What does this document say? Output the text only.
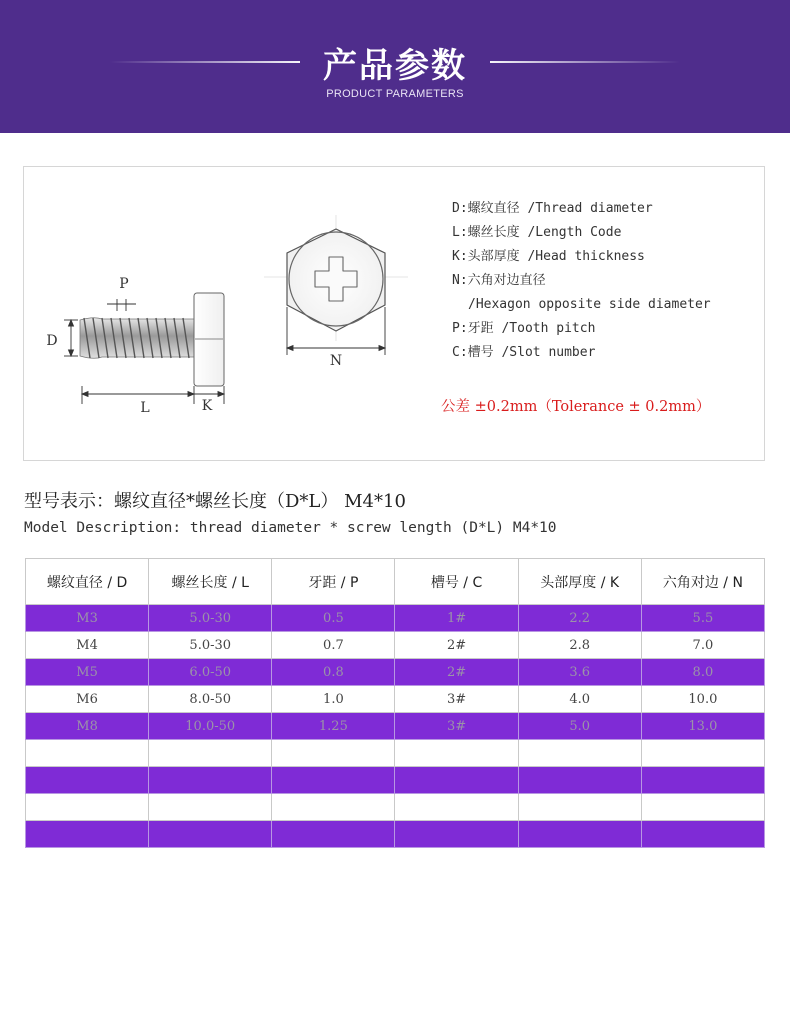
产品参数
PRODUCT PARAMETERS
P
D
L	K
N
D:螺纹直径 /Thread diameter
L:螺丝长度 /Length Code
K:头部厚度 /Head thickness
N:六角对边直径
/Hexagon opposite side diameter
P:牙距 /Tooth pitch
C:槽号 /Slot number
公差 ±0.2mm（Tolerance ± 0.2mm）
型号表示：螺纹直径*螺丝长度（D*L） M4*10
Model Description: thread diameter * screw length (D*L) M4*10
螺纹直径 / D	螺丝长度 / L	牙距 / P	槽号 / C	头部厚度 / K	六角对边 / N
M3	5.0-30	0.5	1#	2.2	5.5
M4	5.0-30	0.7	2#	2.8	7.0
M5	6.0-50	0.8	2#	3.6	8.0
M6	8.0-50	1.0	3#	4.0	10.0
M8	10.0-50	1.25	3#	5.0	13.0
